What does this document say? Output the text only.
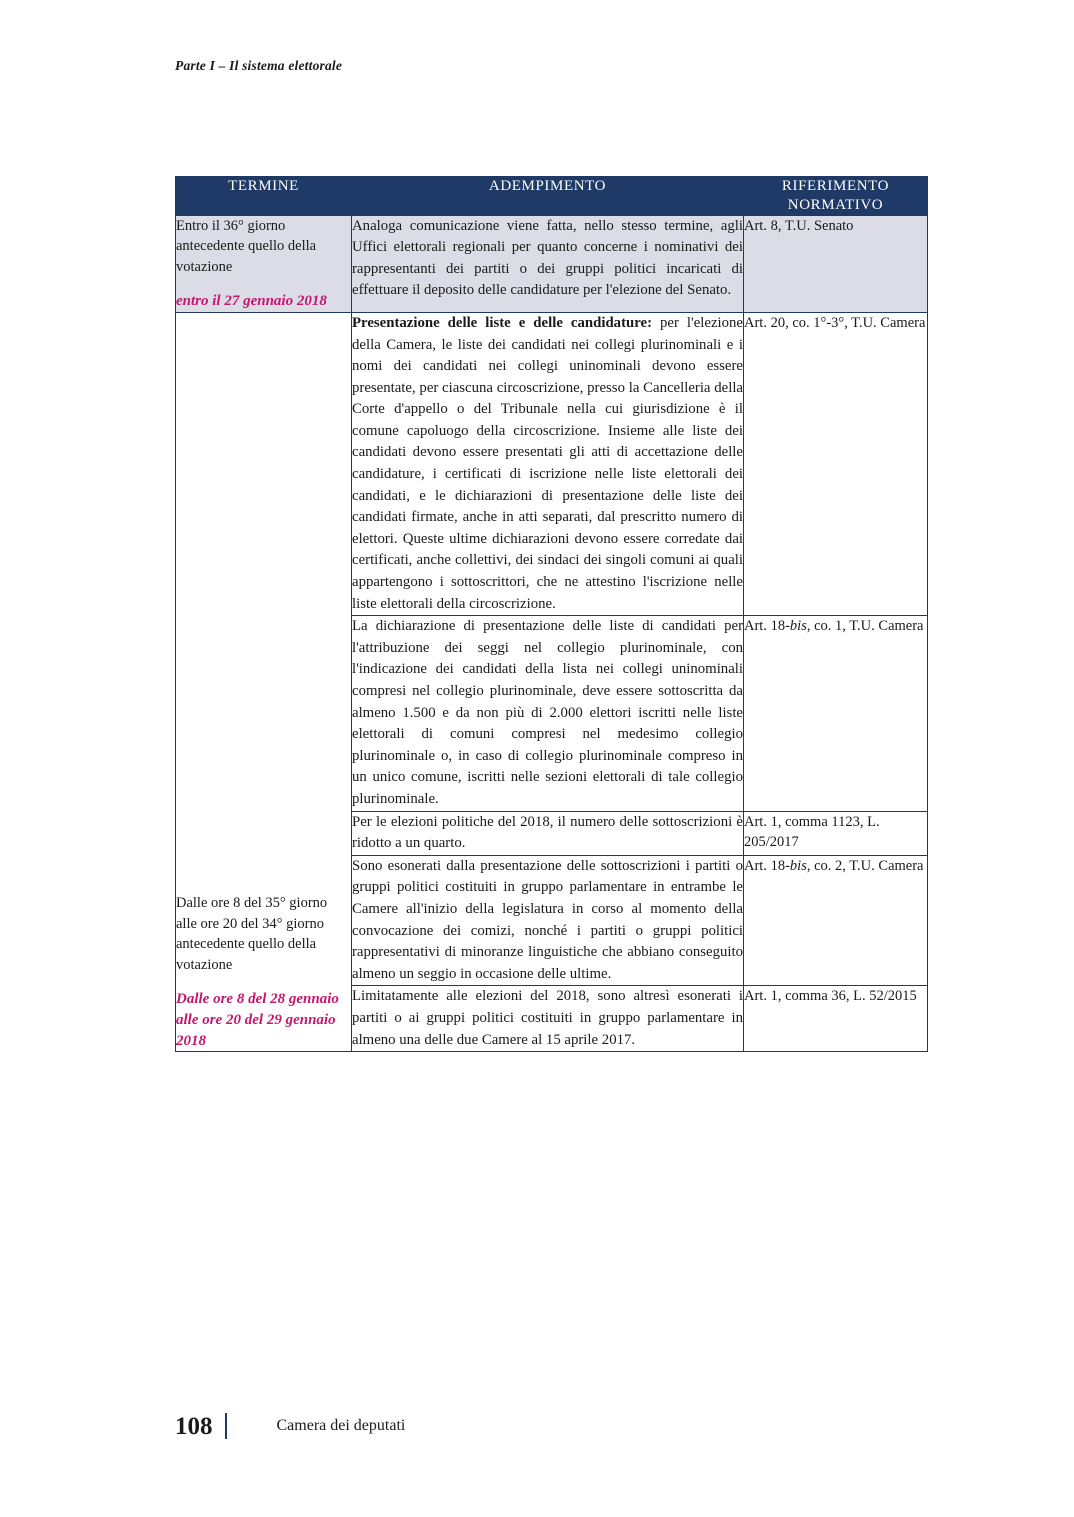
Parte I – Il sistema elettorale
TERMINE	ADEMPIMENTO	RIFERIMENTO
NORMATIVO
Entro il 36° giorno antecedente quello della votazione
entro il 27 gennaio 2018	Analoga comunicazione viene fatta, nello stesso termine, agli Uffici elettorali regionali per quanto concerne i nominativi dei rappresentanti dei partiti o dei gruppi politici incaricati di effettuare il deposito delle candidature per l'elezione del Senato.	Art. 8, T.U. Senato

Dalle ore 8 del 35° giorno alle ore 20 del 34° giorno antecedente quello della votazione
Dalle ore 8 del 28 gennaio alle ore 20 del 29 gennaio 2018	Presentazione delle liste e delle candidature: per l'elezione della Camera, le liste dei candidati nei collegi plurinominali e i nomi dei candidati nei collegi uninominali devono essere presentate, per ciascuna circoscrizione, presso la Cancelleria della Corte d'appello o del Tribunale nella cui giurisdizione è il comune capoluogo della circoscrizione. Insieme alle liste dei candidati devono essere presentati gli atti di accettazione delle candidature, i certificati di iscrizione nelle liste elettorali dei candidati, e le dichiarazioni di presentazione delle liste dei candidati firmate, anche in atti separati, dal prescritto numero di elettori. Queste ultime dichiarazioni devono essere corredate dai certificati, anche collettivi, dei sindaci dei singoli comuni ai quali appartengono i sottoscrittori, che ne attestino l'iscrizione nelle liste elettorali della circoscrizione.	Art. 20, co. 1°-3°, T.U. Camera
	La dichiarazione di presentazione delle liste di candidati per l'attribuzione dei seggi nel collegio plurinominale, con l'indicazione dei candidati della lista nei collegi uninominali compresi nel collegio plurinominale, deve essere sottoscritta da almeno 1.500 e da non più di 2.000 elettori iscritti nelle liste elettorali di comuni compresi nel medesimo collegio plurinominale o, in caso di collegio plurinominale compreso in un unico comune, iscritti nelle sezioni elettorali di tale collegio plurinominale.	Art. 18-bis, co. 1, T.U. Camera
	Per le elezioni politiche del 2018, il numero delle sottoscrizioni è ridotto a un quarto.	Art. 1, comma 1123, L. 205/2017
	Sono esonerati dalla presentazione delle sottoscrizioni i partiti o gruppi politici costituiti in gruppo parlamentare in entrambe le Camere all'inizio della legislatura in corso al momento della convocazione dei comizi, nonché i partiti o gruppi politici rappresentativi di minoranze linguistiche che abbiano conseguito almeno un seggio in occasione delle ultime.	Art. 18-bis, co. 2, T.U. Camera
	Limitatamente alle elezioni del 2018, sono altresì esonerati i partiti o ai gruppi politici costituiti in gruppo parlamentare in almeno una delle due Camere al 15 aprile 2017.	Art. 1, comma 36, L. 52/2015
108	Camera dei deputati
